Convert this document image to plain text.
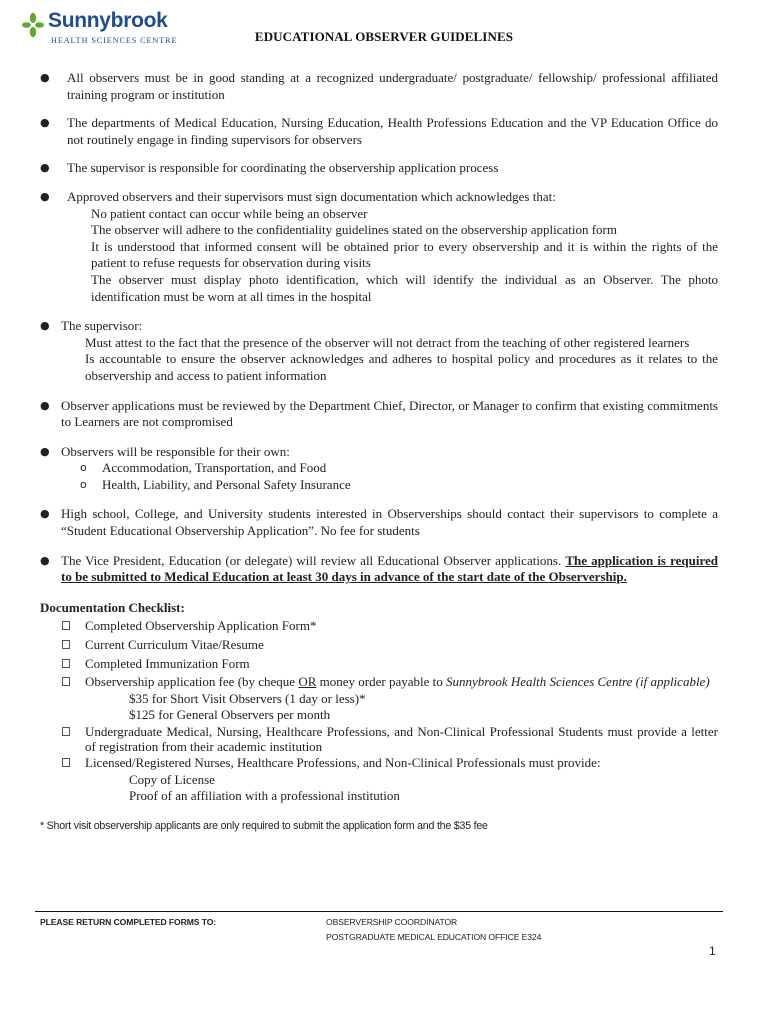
Sunnybrook
HEALTH SCIENCES CENTRE	EDUCATIONAL OBSERVER GUIDELINES
● All observers must be in good standing at a recognized undergraduate/ postgraduate/ fellowship/ professional affiliated training program or institution
● The departments of Medical Education, Nursing Education, Health Professions Education and the VP Education Office do not routinely engage in finding supervisors for observers
● The supervisor is responsible for coordinating the observership application process
● Approved observers and their supervisors must sign documentation which acknowledges that:
No patient contact can occur while being an observer
The observer will adhere to the confidentiality guidelines stated on the observership application form
It is understood that informed consent will be obtained prior to every observership and it is within the rights of the patient to refuse requests for observation during visits
The observer must display photo identification, which will identify the individual as an Observer. The photo identification must be worn at all times in the hospital
● The supervisor:
Must attest to the fact that the presence of the observer will not detract from the teaching of other registered learners
Is accountable to ensure the observer acknowledges and adheres to hospital policy and procedures as it relates to the observership and access to patient information
● Observer applications must be reviewed by the Department Chief, Director, or Manager to confirm that existing commitments to Learners are not compromised
● Observers will be responsible for their own:
o Accommodation, Transportation, and Food
o Health, Liability, and Personal Safety Insurance
● High school, College, and University students interested in Observerships should contact their supervisors to complete a “Student Educational Observership Application”. No fee for students
● The Vice President, Education (or delegate) will review all Educational Observer applications. The application is required to be submitted to Medical Education at least 30 days in advance of the start date of the Observership.
Documentation Checklist:
Completed Observership Application Form*
Current Curriculum Vitae/Resume
Completed Immunization Form
Observership application fee (by cheque OR money order payable to Sunnybrook Health Sciences Centre (if applicable)
$35 for Short Visit Observers (1 day or less)*
$125 for General Observers per month
Undergraduate Medical, Nursing, Healthcare Professions, and Non-Clinical Professional Students must provide a letter of registration from their academic institution
Licensed/Registered Nurses, Healthcare Professions, and Non-Clinical Professionals must provide:
Copy of License
Proof of an affiliation with a professional institution
* Short visit observership applicants are only required to submit the application form and the $35 fee
PLEASE RETURN COMPLETED FORMS TO:	OBSERVERSHIP COORDINATOR
POSTGRADUATE MEDICAL EDUCATION OFFICE E324
1
